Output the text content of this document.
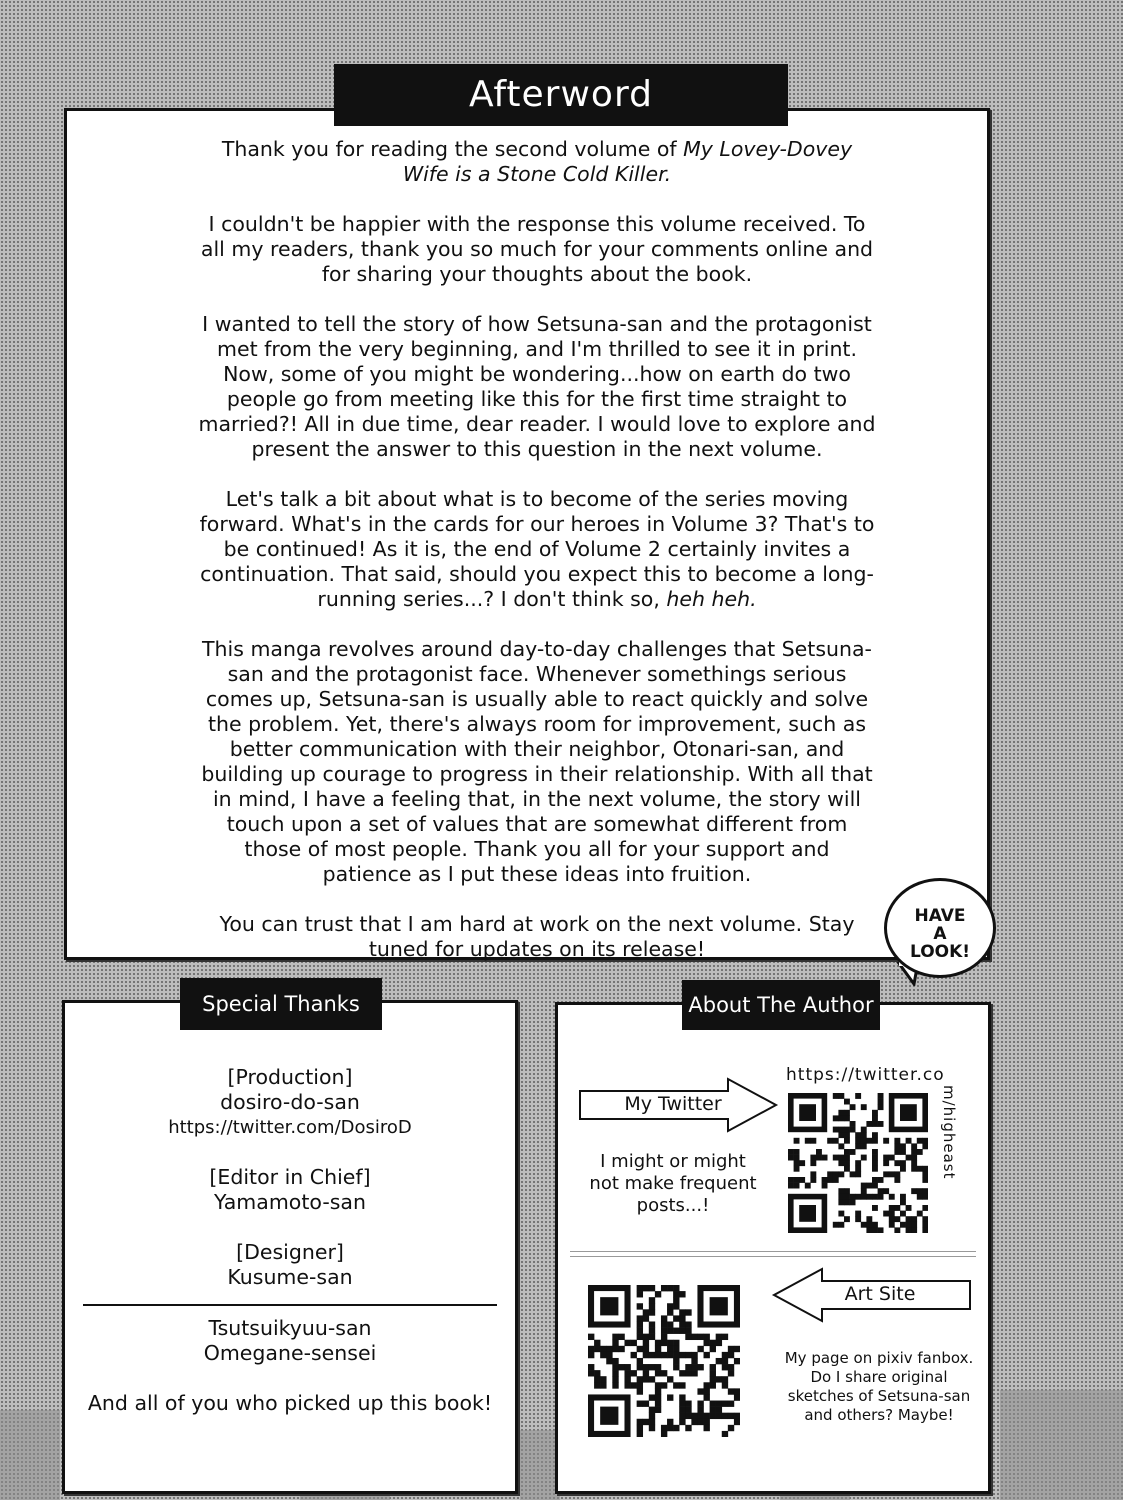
Thank you for reading the second volume of My Lovey-Dovey Wife is a Stone Cold Killer.

I couldn't be happier with the response this volume received. To all my readers, thank you so much for your comments online and for sharing your thoughts about the book.

I wanted to tell the story of how Setsuna-san and the protagonist met from the very beginning, and I'm thrilled to see it in print. Now, some of you might be wondering...how on earth do two people go from meeting like this for the first time straight to married?! All in due time, dear reader. I would love to explore and present the answer to this question in the next volume.

Let's talk a bit about what is to become of the series moving forward. What's in the cards for our heroes in Volume 3? That's to be continued! As it is, the end of Volume 2 certainly invites a continuation. That said, should you expect this to become a long-running series...? I don't think so, heh heh.

This manga revolves around day-to-day challenges that Setsuna-san and the protagonist face. Whenever somethings serious comes up, Setsuna-san is usually able to react quickly and solve the problem. Yet, there's always room for improvement, such as better communication with their neighbor, Otonari-san, and building up courage to progress in their relationship. With all that in mind, I have a feeling that, in the next volume, the story will touch upon a set of values that are somewhat different from those of most people. Thank you all for your support and patience as I put these ideas into fruition.

You can trust that I am hard at work on the next volume. Stay tuned for updates on its release!

Afterword
HAVE
A
LOOK!
[Production]
dosiro-do-san
https://twitter.com/DosiroD
[Editor in Chief]
Yamamoto-san
[Designer]
Kusume-san
Tsutsuikyuu-san
Omegane-sensei
And all of you who picked up this book!
Special Thanks
My Twitter
I might or might
not make frequent
posts...!
https://twitter.co
m/higheast
Art Site
My page on pixiv fanbox.
Do I share original
sketches of Setsuna-san
and others? Maybe!
About The Author
